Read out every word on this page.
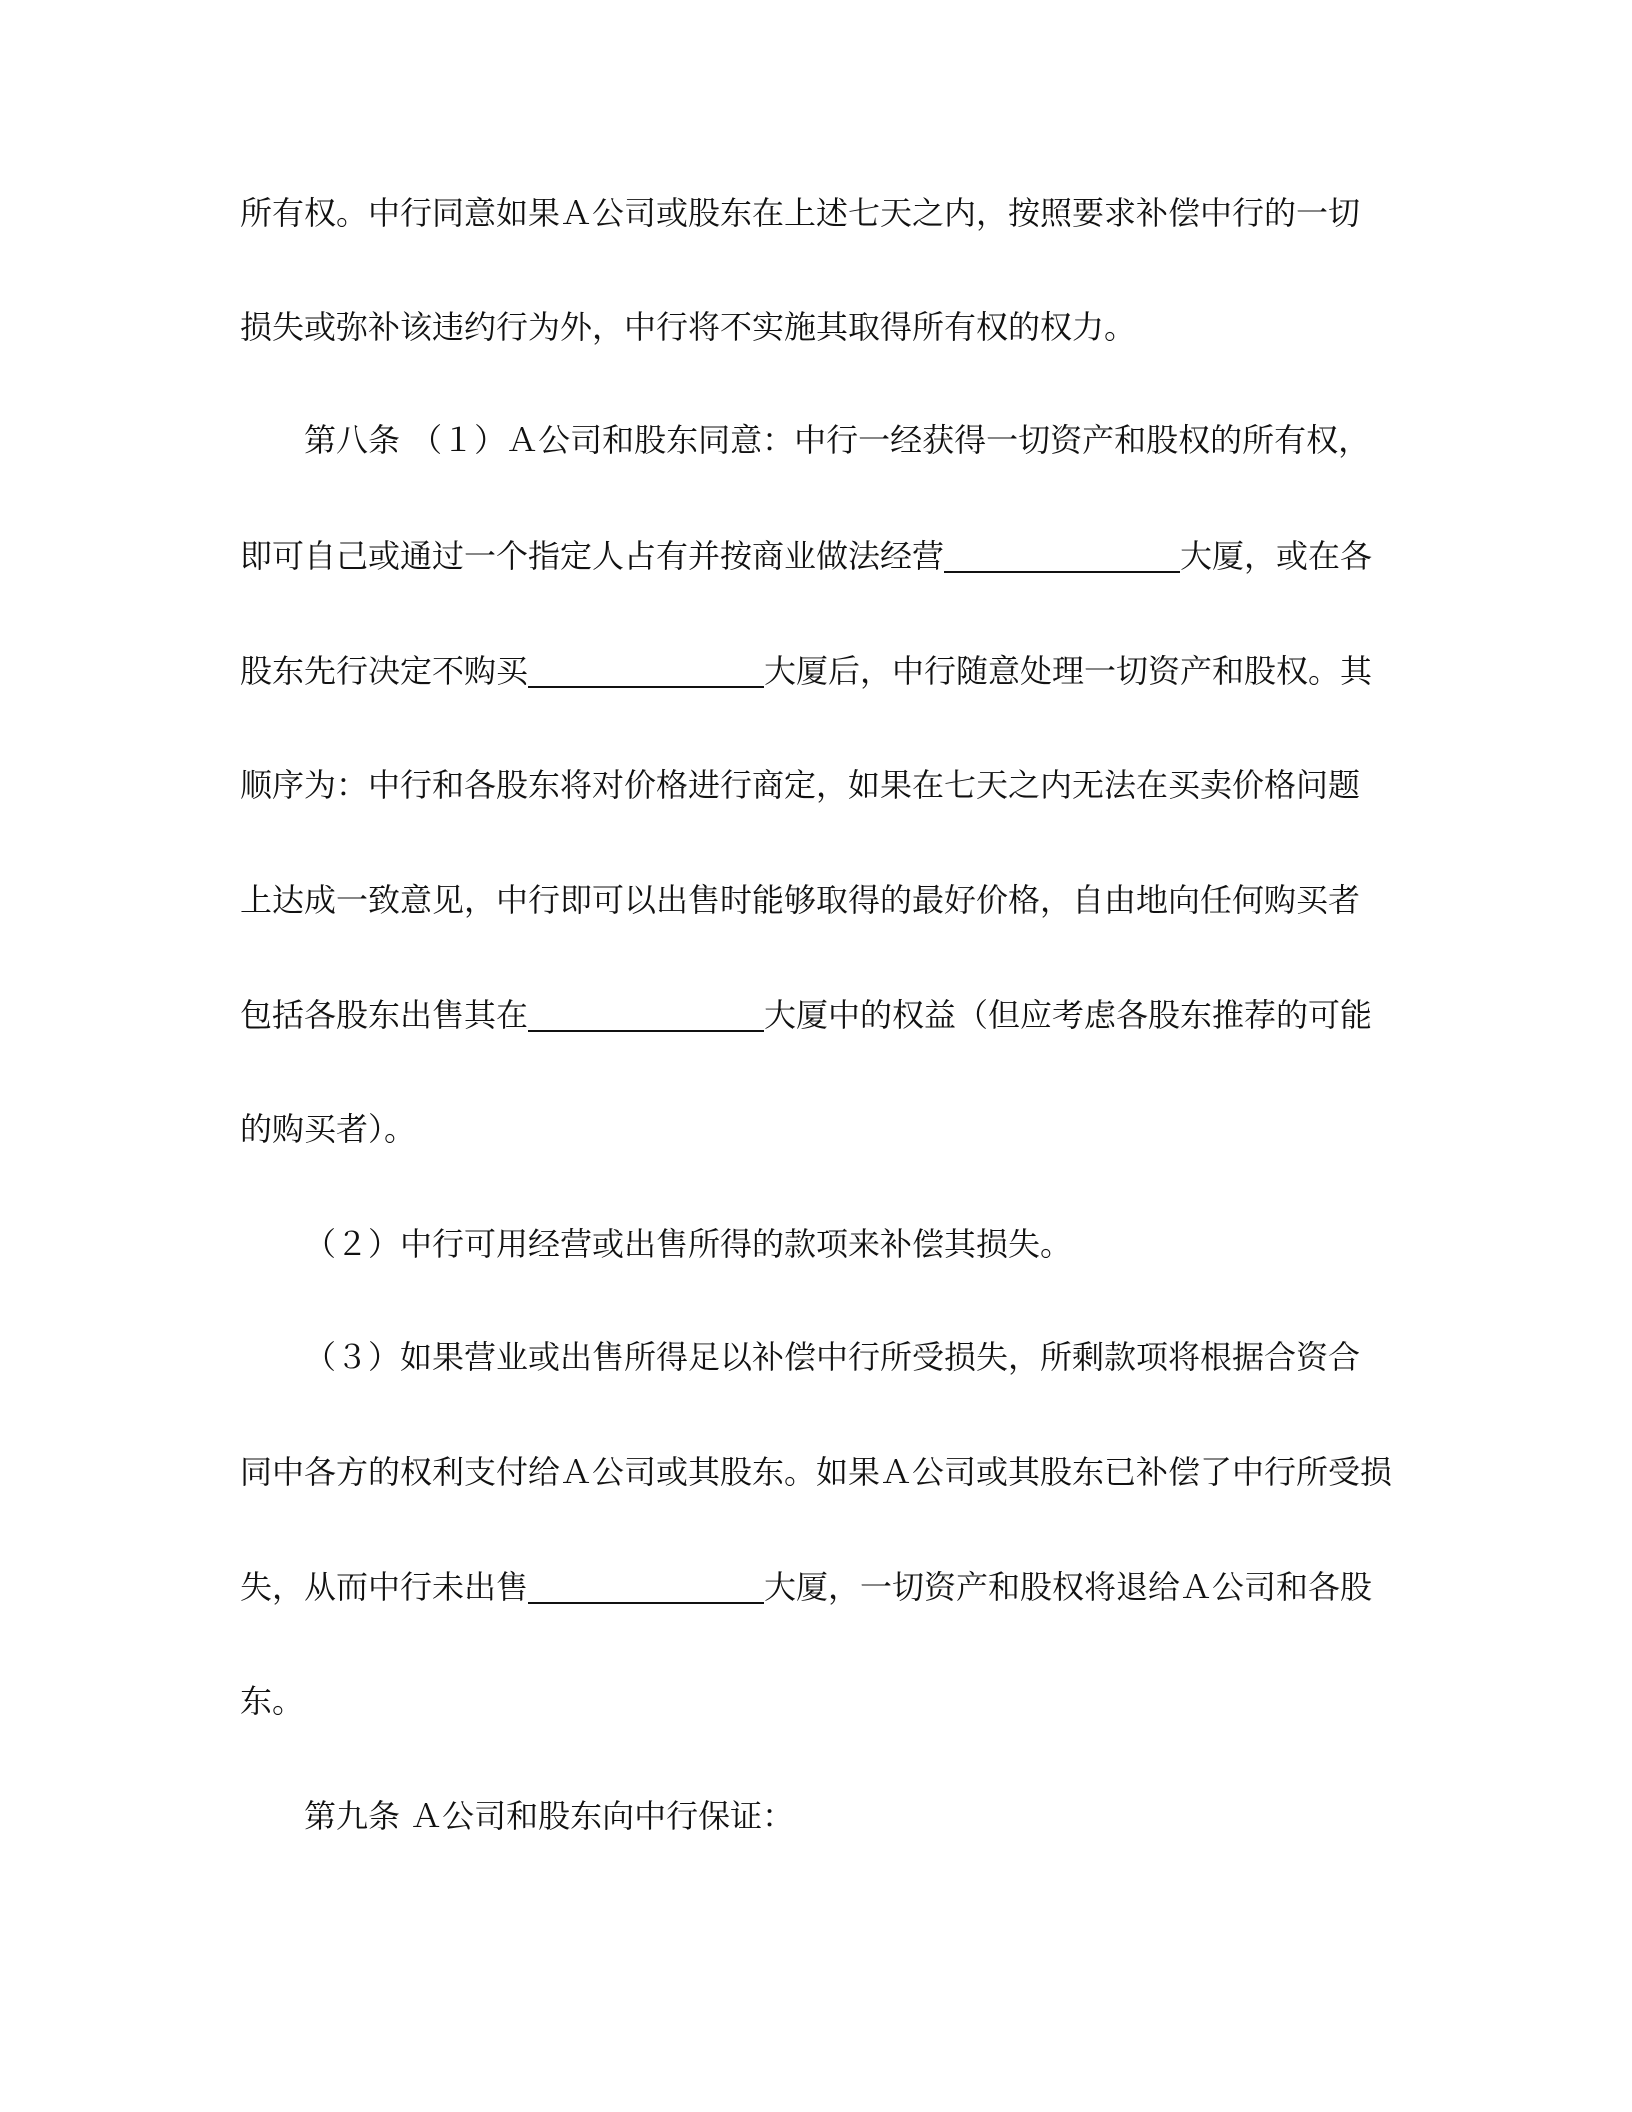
所有权。中行同意如果Ａ公司或股东在上述七天之内，按照要求补偿中行的一切
损失或弥补该违约行为外，中行将不实施其取得所有权的权力。
第八条 （１）Ａ公司和股东同意：中行一经获得一切资产和股权的所有权，
即可自己或通过一个指定人占有并按商业做法经营	大厦，或在各
股东先行决定不购买	大厦后，中行随意处理一切资产和股权。其
顺序为：中行和各股东将对价格进行商定，如果在七天之内无法在买卖价格问题
上达成一致意见，中行即可以出售时能够取得的最好价格，自由地向任何购买者
包括各股东出售其在	大厦中的权益（但应考虑各股东推荐的可能
的购买者）。
（２）中行可用经营或出售所得的款项来补偿其损失。
（３）如果营业或出售所得足以补偿中行所受损失，所剩款项将根据合资合
同中各方的权利支付给Ａ公司或其股东。如果Ａ公司或其股东已补偿了中行所受损
失，从而中行未出售	大厦，一切资产和股权将退给Ａ公司和各股
东。
第九条 Ａ公司和股东向中行保证：
